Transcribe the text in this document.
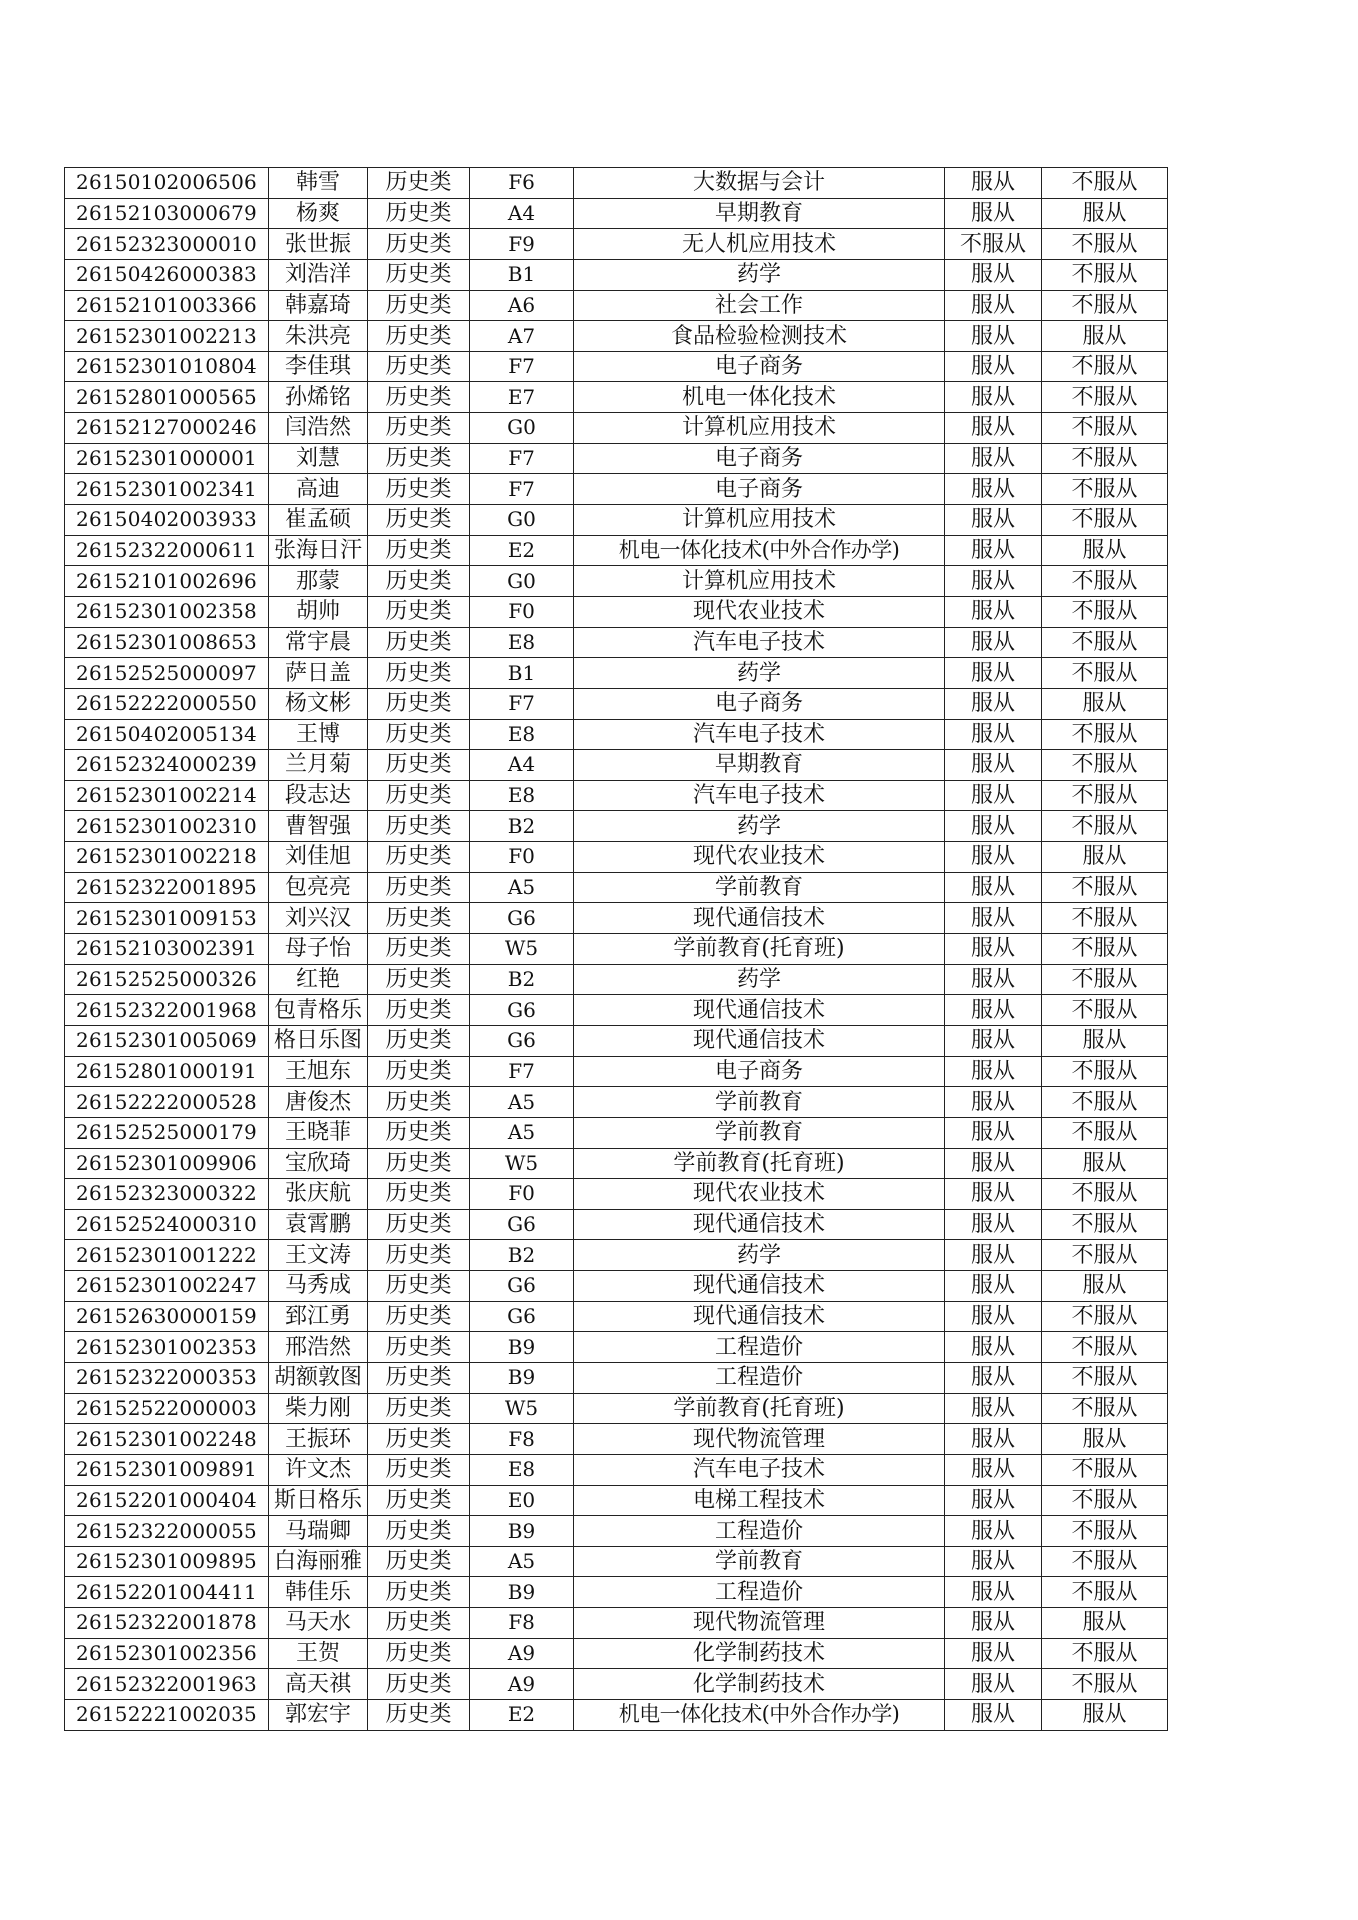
26150102006506	韩雪	历史类	F6	大数据与会计	服从	不服从
26152103000679	杨爽	历史类	A4	早期教育	服从	服从
26152323000010	张世振	历史类	F9	无人机应用技术	不服从	不服从
26150426000383	刘浩洋	历史类	B1	药学	服从	不服从
26152101003366	韩嘉琦	历史类	A6	社会工作	服从	不服从
26152301002213	朱洪亮	历史类	A7	食品检验检测技术	服从	服从
26152301010804	李佳琪	历史类	F7	电子商务	服从	不服从
26152801000565	孙烯铭	历史类	E7	机电一体化技术	服从	不服从
26152127000246	闫浩然	历史类	G0	计算机应用技术	服从	不服从
26152301000001	刘慧	历史类	F7	电子商务	服从	不服从
26152301002341	高迪	历史类	F7	电子商务	服从	不服从
26150402003933	崔孟硕	历史类	G0	计算机应用技术	服从	不服从
26152322000611	张海日汗	历史类	E2	机电一体化技术(中外合作办学)	服从	服从
26152101002696	那蒙	历史类	G0	计算机应用技术	服从	不服从
26152301002358	胡帅	历史类	F0	现代农业技术	服从	不服从
26152301008653	常宇晨	历史类	E8	汽车电子技术	服从	不服从
26152525000097	萨日盖	历史类	B1	药学	服从	不服从
26152222000550	杨文彬	历史类	F7	电子商务	服从	服从
26150402005134	王博	历史类	E8	汽车电子技术	服从	不服从
26152324000239	兰月菊	历史类	A4	早期教育	服从	不服从
26152301002214	段志达	历史类	E8	汽车电子技术	服从	不服从
26152301002310	曹智强	历史类	B2	药学	服从	不服从
26152301002218	刘佳旭	历史类	F0	现代农业技术	服从	服从
26152322001895	包亮亮	历史类	A5	学前教育	服从	不服从
26152301009153	刘兴汉	历史类	G6	现代通信技术	服从	不服从
26152103002391	母子怡	历史类	W5	学前教育(托育班)	服从	不服从
26152525000326	红艳	历史类	B2	药学	服从	不服从
26152322001968	包青格乐	历史类	G6	现代通信技术	服从	不服从
26152301005069	格日乐图	历史类	G6	现代通信技术	服从	服从
26152801000191	王旭东	历史类	F7	电子商务	服从	不服从
26152222000528	唐俊杰	历史类	A5	学前教育	服从	不服从
26152525000179	王晓菲	历史类	A5	学前教育	服从	不服从
26152301009906	宝欣琦	历史类	W5	学前教育(托育班)	服从	服从
26152323000322	张庆航	历史类	F0	现代农业技术	服从	不服从
26152524000310	袁霄鹏	历史类	G6	现代通信技术	服从	不服从
26152301001222	王文涛	历史类	B2	药学	服从	不服从
26152301002247	马秀成	历史类	G6	现代通信技术	服从	服从
26152630000159	郅江勇	历史类	G6	现代通信技术	服从	不服从
26152301002353	邢浩然	历史类	B9	工程造价	服从	不服从
26152322000353	胡额敦图	历史类	B9	工程造价	服从	不服从
26152522000003	柴力刚	历史类	W5	学前教育(托育班)	服从	不服从
26152301002248	王振环	历史类	F8	现代物流管理	服从	服从
26152301009891	许文杰	历史类	E8	汽车电子技术	服从	不服从
26152201000404	斯日格乐	历史类	E0	电梯工程技术	服从	不服从
26152322000055	马瑞卿	历史类	B9	工程造价	服从	不服从
26152301009895	白海丽雅	历史类	A5	学前教育	服从	不服从
26152201004411	韩佳乐	历史类	B9	工程造价	服从	不服从
26152322001878	马天水	历史类	F8	现代物流管理	服从	服从
26152301002356	王贺	历史类	A9	化学制药技术	服从	不服从
26152322001963	高天祺	历史类	A9	化学制药技术	服从	不服从
26152221002035	郭宏宇	历史类	E2	机电一体化技术(中外合作办学)	服从	服从
